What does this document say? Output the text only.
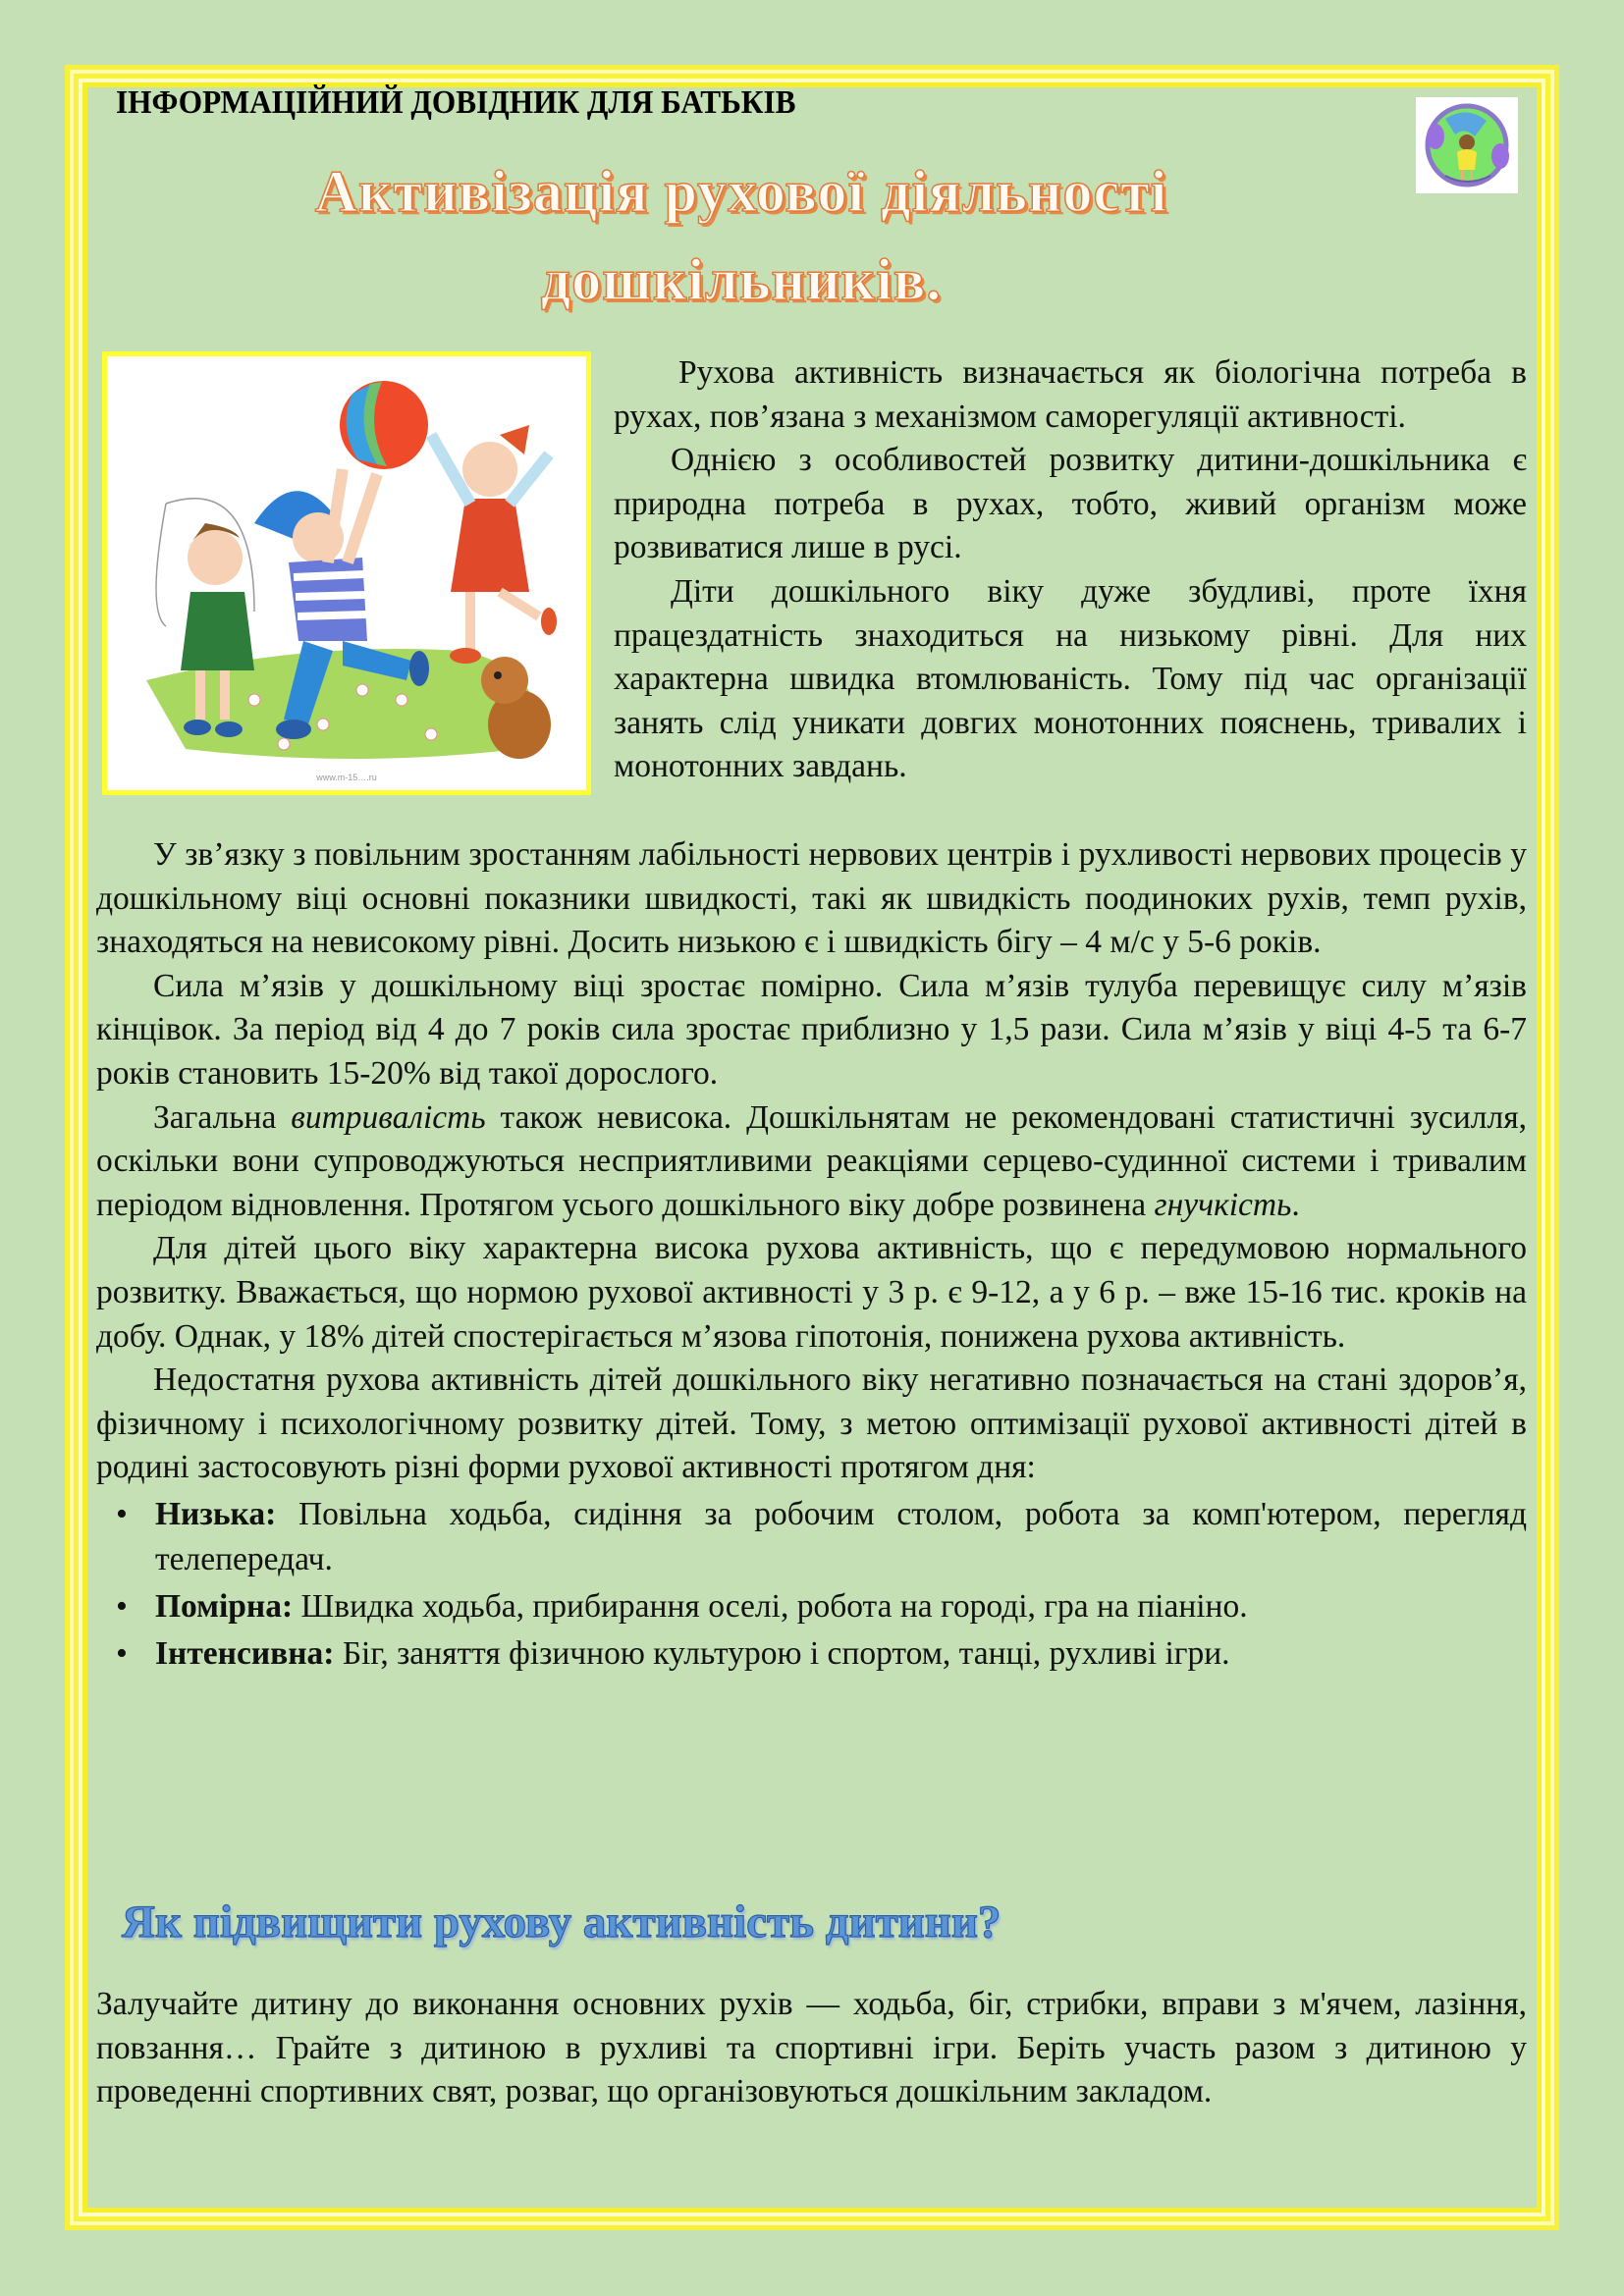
ІНФОРМАЦІЙНИЙ ДОВІДНИК ДЛЯ БАТЬКІВ
Активізація рухової діяльності
дошкільників.
www.m-15….ru

Рухова активність визначається як біологічна потреба в рухах, пов’язана з механізмом саморегуляції активності.

Однією з особливостей розвитку дитини-дошкільника є природна потреба в рухах, тобто, живий організм може розвиватися лише в русі.

Діти дошкільного віку дуже збудливі, проте їхня працездатність знаходиться на низькому рівні. Для них характерна швидка втомлюваність. Тому під час організації занять слід уникати довгих монотонних пояснень, тривалих і монотонних завдань.

У зв’язку з повільним зростанням лабільності нервових центрів і рухливості нервових процесів у дошкільному віці основні показники швидкості, такі як швидкість поодиноких рухів, темп рухів, знаходяться на невисокому рівні. Досить низькою є і швидкість бігу – 4 м/с у 5-6 років.

Сила м’язів у дошкільному віці зростає помірно. Сила м’язів тулуба перевищує силу м’язів кінцівок. За період від 4 до 7 років сила зростає приблизно у 1,5 рази. Сила м’язів у віці 4-5 та 6-7 років становить 15-20% від такої дорослого.

Загальна витривалість також невисока. Дошкільнятам не рекомендовані статистичні зусилля, оскільки вони супроводжуються несприятливими реакціями серцево-судинної системи і тривалим періодом відновлення. Протягом усього дошкільного віку добре розвинена гнучкість.

Для дітей цього віку характерна висока рухова активність, що є передумовою нормального розвитку. Вважається, що нормою рухової активності у 3 р. є 9-12, а у 6 р. – вже 15-16 тис. кроків на добу. Однак, у 18% дітей спостерігається м’язова гіпотонія, понижена рухова активність.

Недостатня рухова активність дітей дошкільного віку негативно позначається на стані здоров’я, фізичному і психологічному розвитку дітей. Тому, з метою оптимізації рухової активності дітей в родині застосовують різні форми рухової активності протягом дня:

• Низька: Повільна ходьба, сидіння за робочим столом, робота за комп'ютером, перегляд телепередач.
• Помірна: Швидка ходьба, прибирання оселі, робота на городі, гра на піаніно.
• Інтенсивна: Біг, заняття фізичною культурою і спортом, танці, рухливі ігри.
Як підвищити рухову активність дитини?

Залучайте дитину до виконання основних рухів — ходьба, біг, стрибки, вправи з м'ячем, лазіння, повзання… Грайте з дитиною в рухливі та спортивні ігри. Беріть участь разом з дитиною у проведенні спортивних свят, розваг, що організовуються дошкільним закладом.
